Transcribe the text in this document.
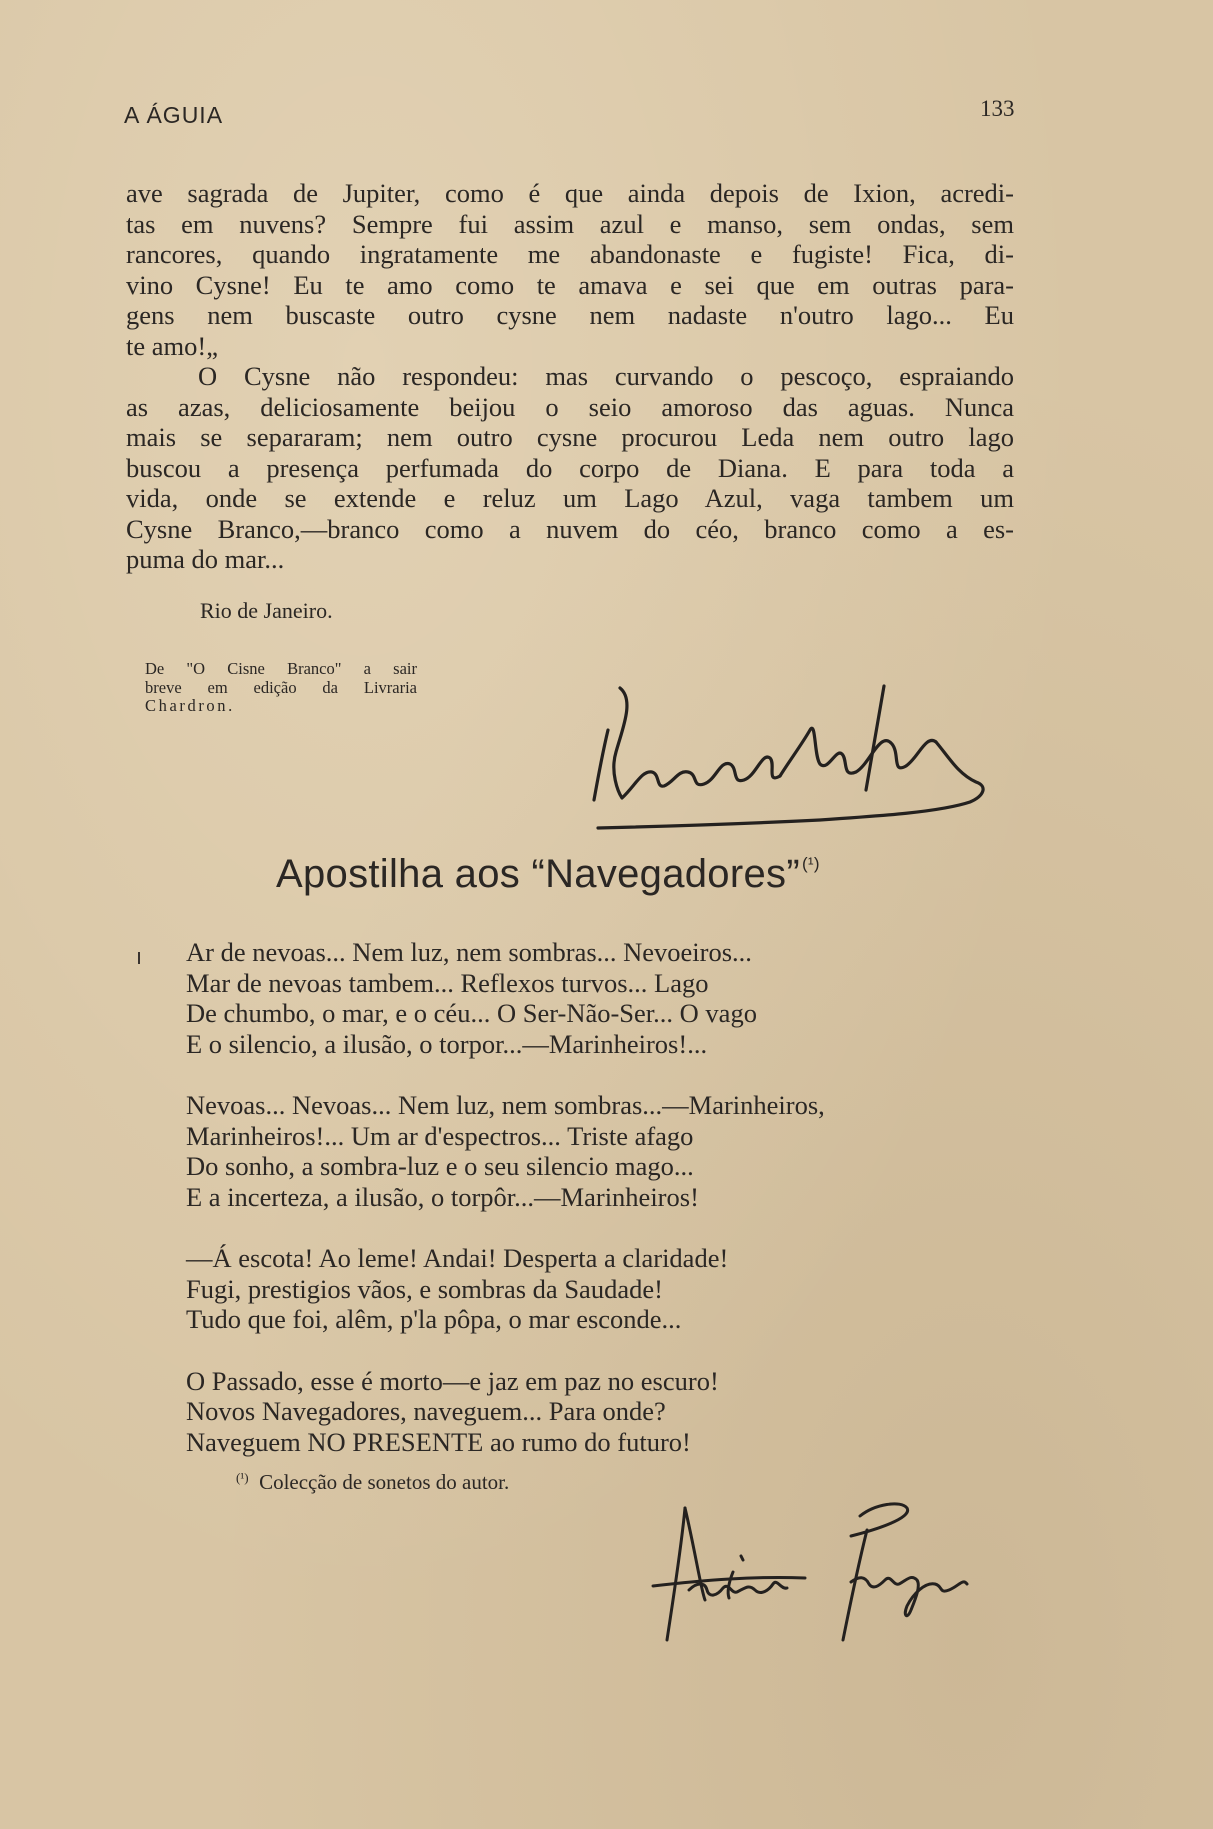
A ÁGUIA	133
ave sagrada de Jupiter, como é que ainda depois de Ixion, acredi-
tas em nuvens? Sempre fui assim azul e manso, sem ondas, sem
rancores, quando ingratamente me abandonaste e fugiste! Fica, di-
vino Cysne! Eu te amo como te amava e sei que em outras para-
gens nem buscaste outro cysne nem nadaste n'outro lago... Eu
te amo!„
O Cysne não respondeu: mas curvando o pescoço, espraiando
as azas, deliciosamente beijou o seio amoroso das aguas. Nunca
mais se separaram; nem outro cysne procurou Leda nem outro lago
buscou a presença perfumada do corpo de Diana. E para toda a
vida, onde se extende e reluz um Lago Azul, vaga tambem um
Cysne Branco,—branco como a nuvem do céo, branco como a es-
puma do mar...
Rio de Janeiro.
De "O Cisne Branco" a sair
breve em edição da Livraria
Chardron.
Apostilha aos “Navegadores” $^{(^1)}$
Ar de nevoas... Nem luz, nem sombras... Nevoeiros...
Mar de nevoas tambem... Reflexos turvos... Lago
De chumbo, o mar, e o céu... O Ser-Não-Ser... O vago
E o silencio, a ilusão, o torpor...—Marinheiros!...
Nevoas... Nevoas... Nem luz, nem sombras...—Marinheiros,
Marinheiros!... Um ar d'espectros... Triste afago
Do sonho, a sombra-luz e o seu silencio mago...
E a incerteza, a ilusão, o torpôr...—Marinheiros!
—Á escota! Ao leme! Andai! Desperta a claridade!
Fugi, prestigios vãos, e sombras da Saudade!
Tudo que foi, alêm, p'la pôpa, o mar esconde...
O Passado, esse é morto—e jaz em paz no escuro!
Novos Navegadores, naveguem... Para onde?
Naveguem NO PRESENTE ao rumo do futuro!
$^{(^1)}$ Colecção de sonetos do autor.
